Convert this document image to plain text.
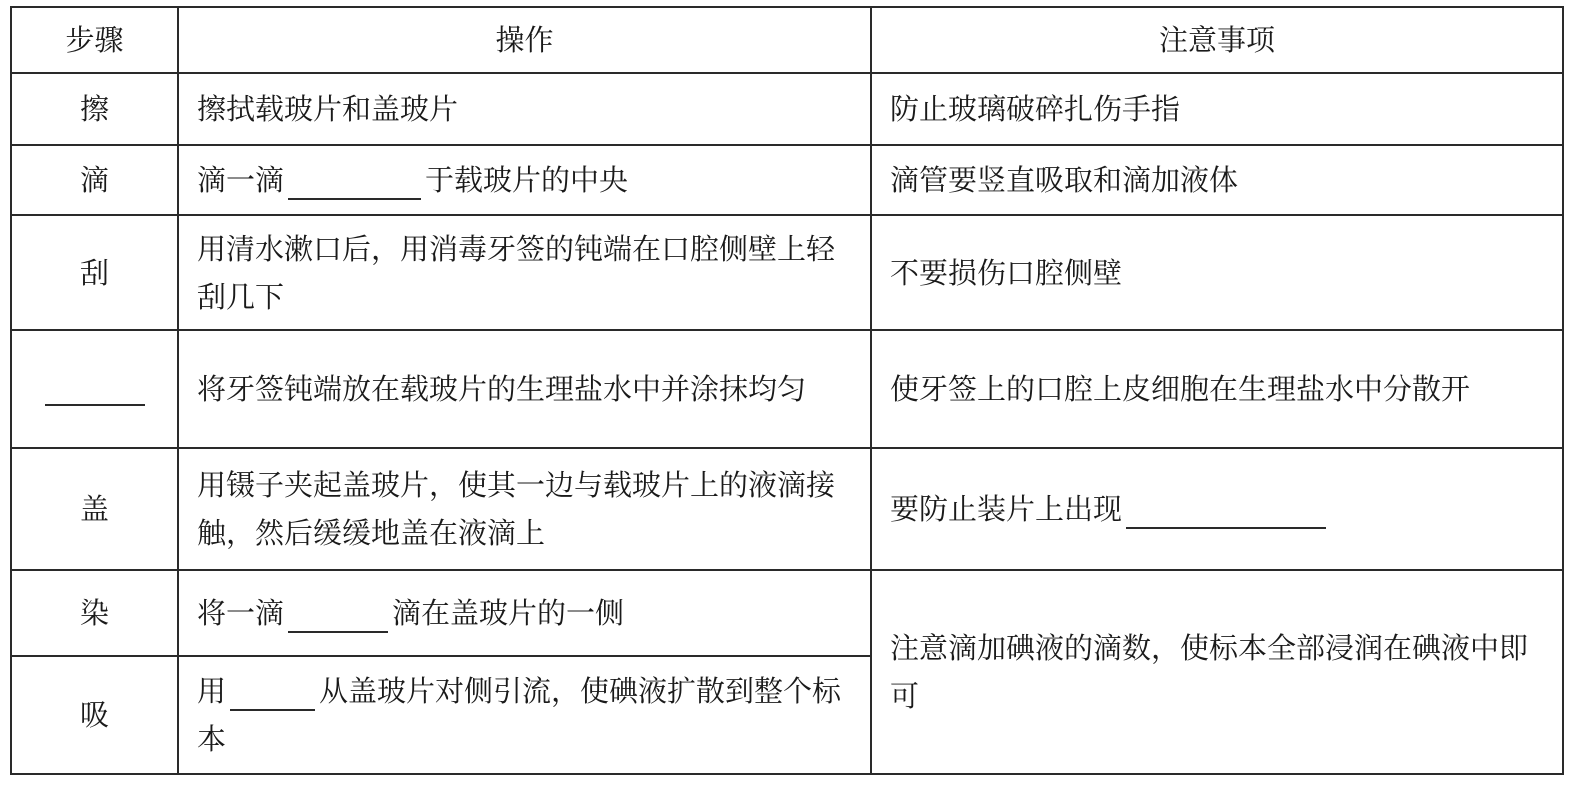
步骤	操作	注意事项
擦	擦拭载玻片和盖玻片	防止玻璃破碎扎伤手指
滴	滴一滴 于载玻片的中央	滴管要竖直吸取和滴加液体
刮	用清水漱口后，用消毒牙签的钝端在口腔侧壁上轻刮几下	不要损伤口腔侧壁
	将牙签钝端放在载玻片的生理盐水中并涂抹均匀	使牙签上的口腔上皮细胞在生理盐水中分散开
盖	用镊子夹起盖玻片，使其一边与载玻片上的液滴接触，然后缓缓地盖在液滴上	要防止装片上出现
染	将一滴 滴在盖玻片的一侧	注意滴加碘液的滴数，使标本全部浸润在碘液中即可
吸	用 从盖玻片对侧引流，使碘液扩散到整个标本	
